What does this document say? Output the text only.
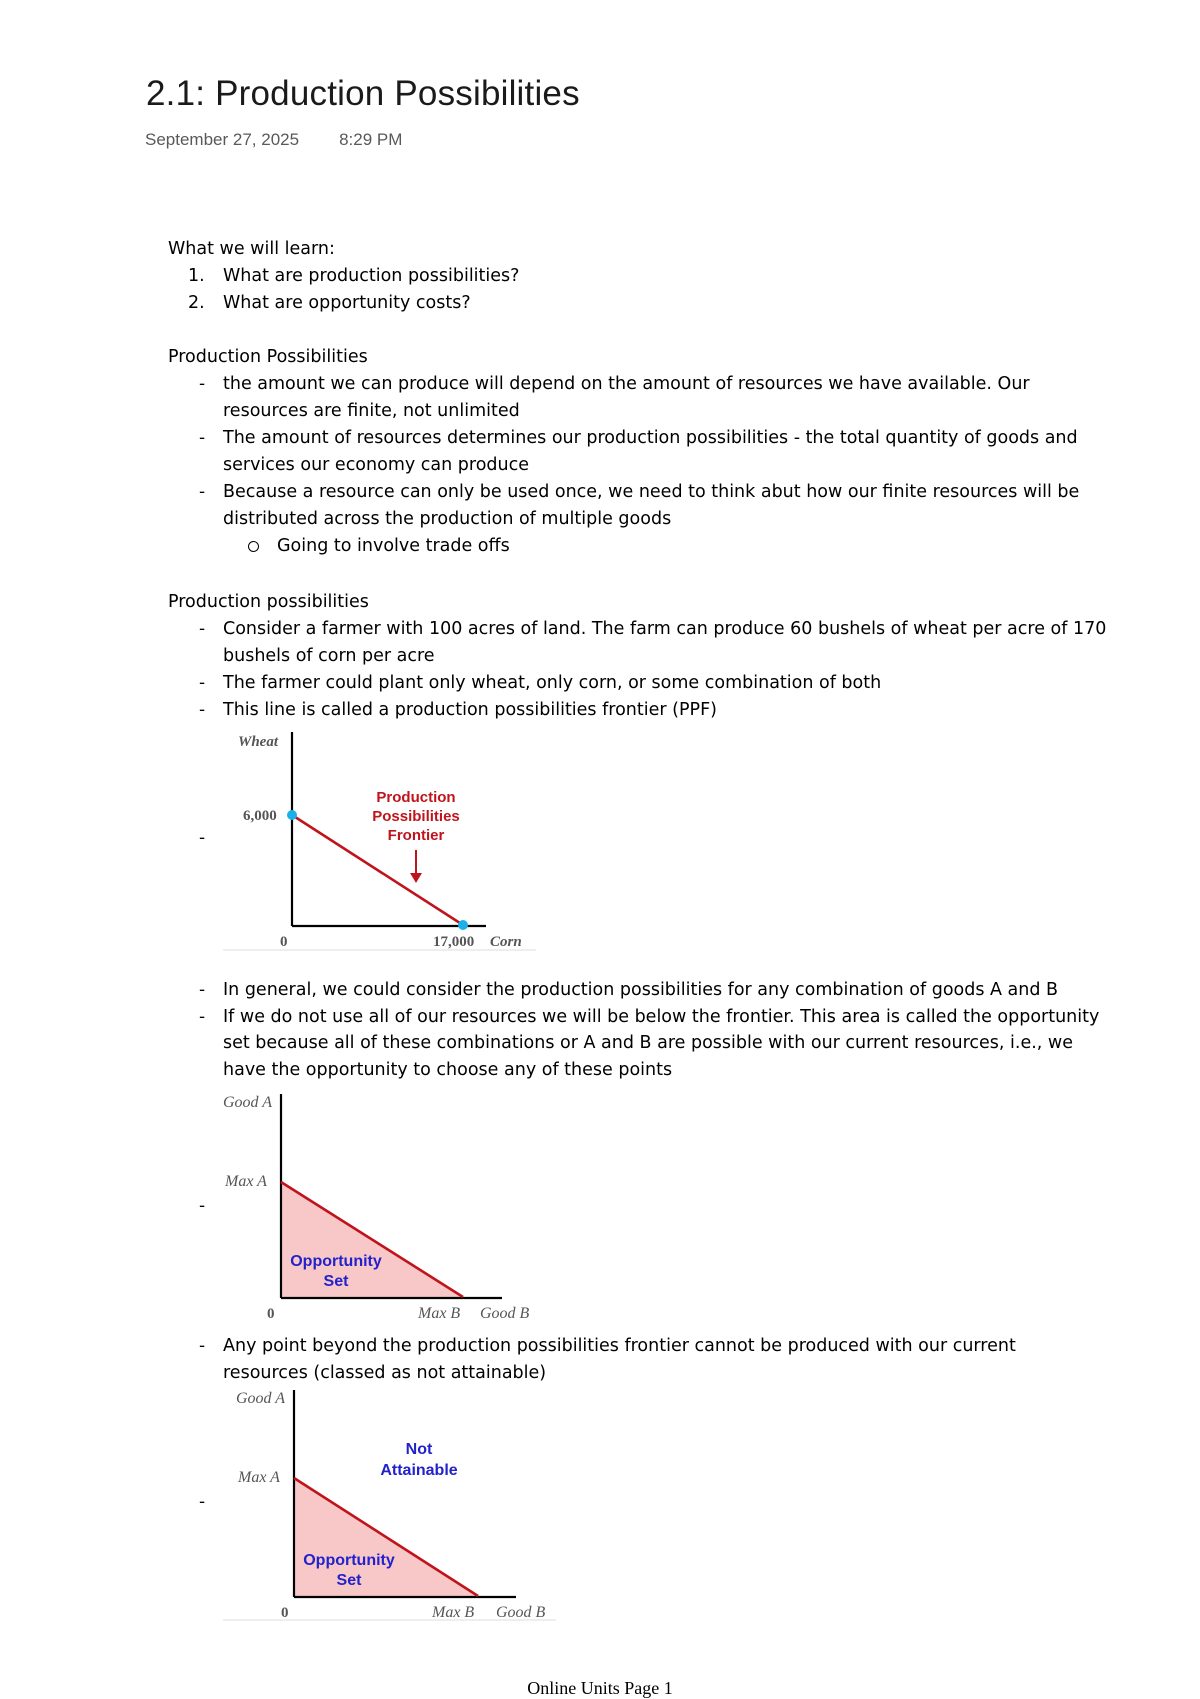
2.1: Production Possibilities
September 27, 2025 8:29 PM
What we will learn:
1. What are production possibilities?
2. What are opportunity costs?
Production Possibilities
- the amount we can produce will depend on the amount of resources we have available. Our
resources are finite, not unlimited
- The amount of resources determines our production possibilities - the total quantity of goods and
services our economy can produce
- Because a resource can only be used once, we need to think abut how our finite resources will be
distributed across the production of multiple goods
Going to involve trade offs
Production possibilities
- Consider a farmer with 100 acres of land. The farm can produce 60 bushels of wheat per acre of 170
bushels of corn per acre
- The farmer could plant only wheat, only corn, or some combination of both
- This line is called a production possibilities frontier (PPF)
-
Wheat
6,000
0	17,000 Corn
Production
Possibilities
Frontier
- In general, we could consider the production possibilities for any combination of goods A and B
- If we do not use all of our resources we will be below the frontier. This area is called the opportunity
set because all of these combinations or A and B are possible with our current resources, i.e., we
have the opportunity to choose any of these points
-
Good A
Max A
0	Max B Good B
Opportunity
Set
- Any point beyond the production possibilities frontier cannot be produced with our current
resources (classed as not attainable)
-
Good A
Max A
0	Max B Good B
Not
Attainable
Opportunity
Set
Online Units Page 1
